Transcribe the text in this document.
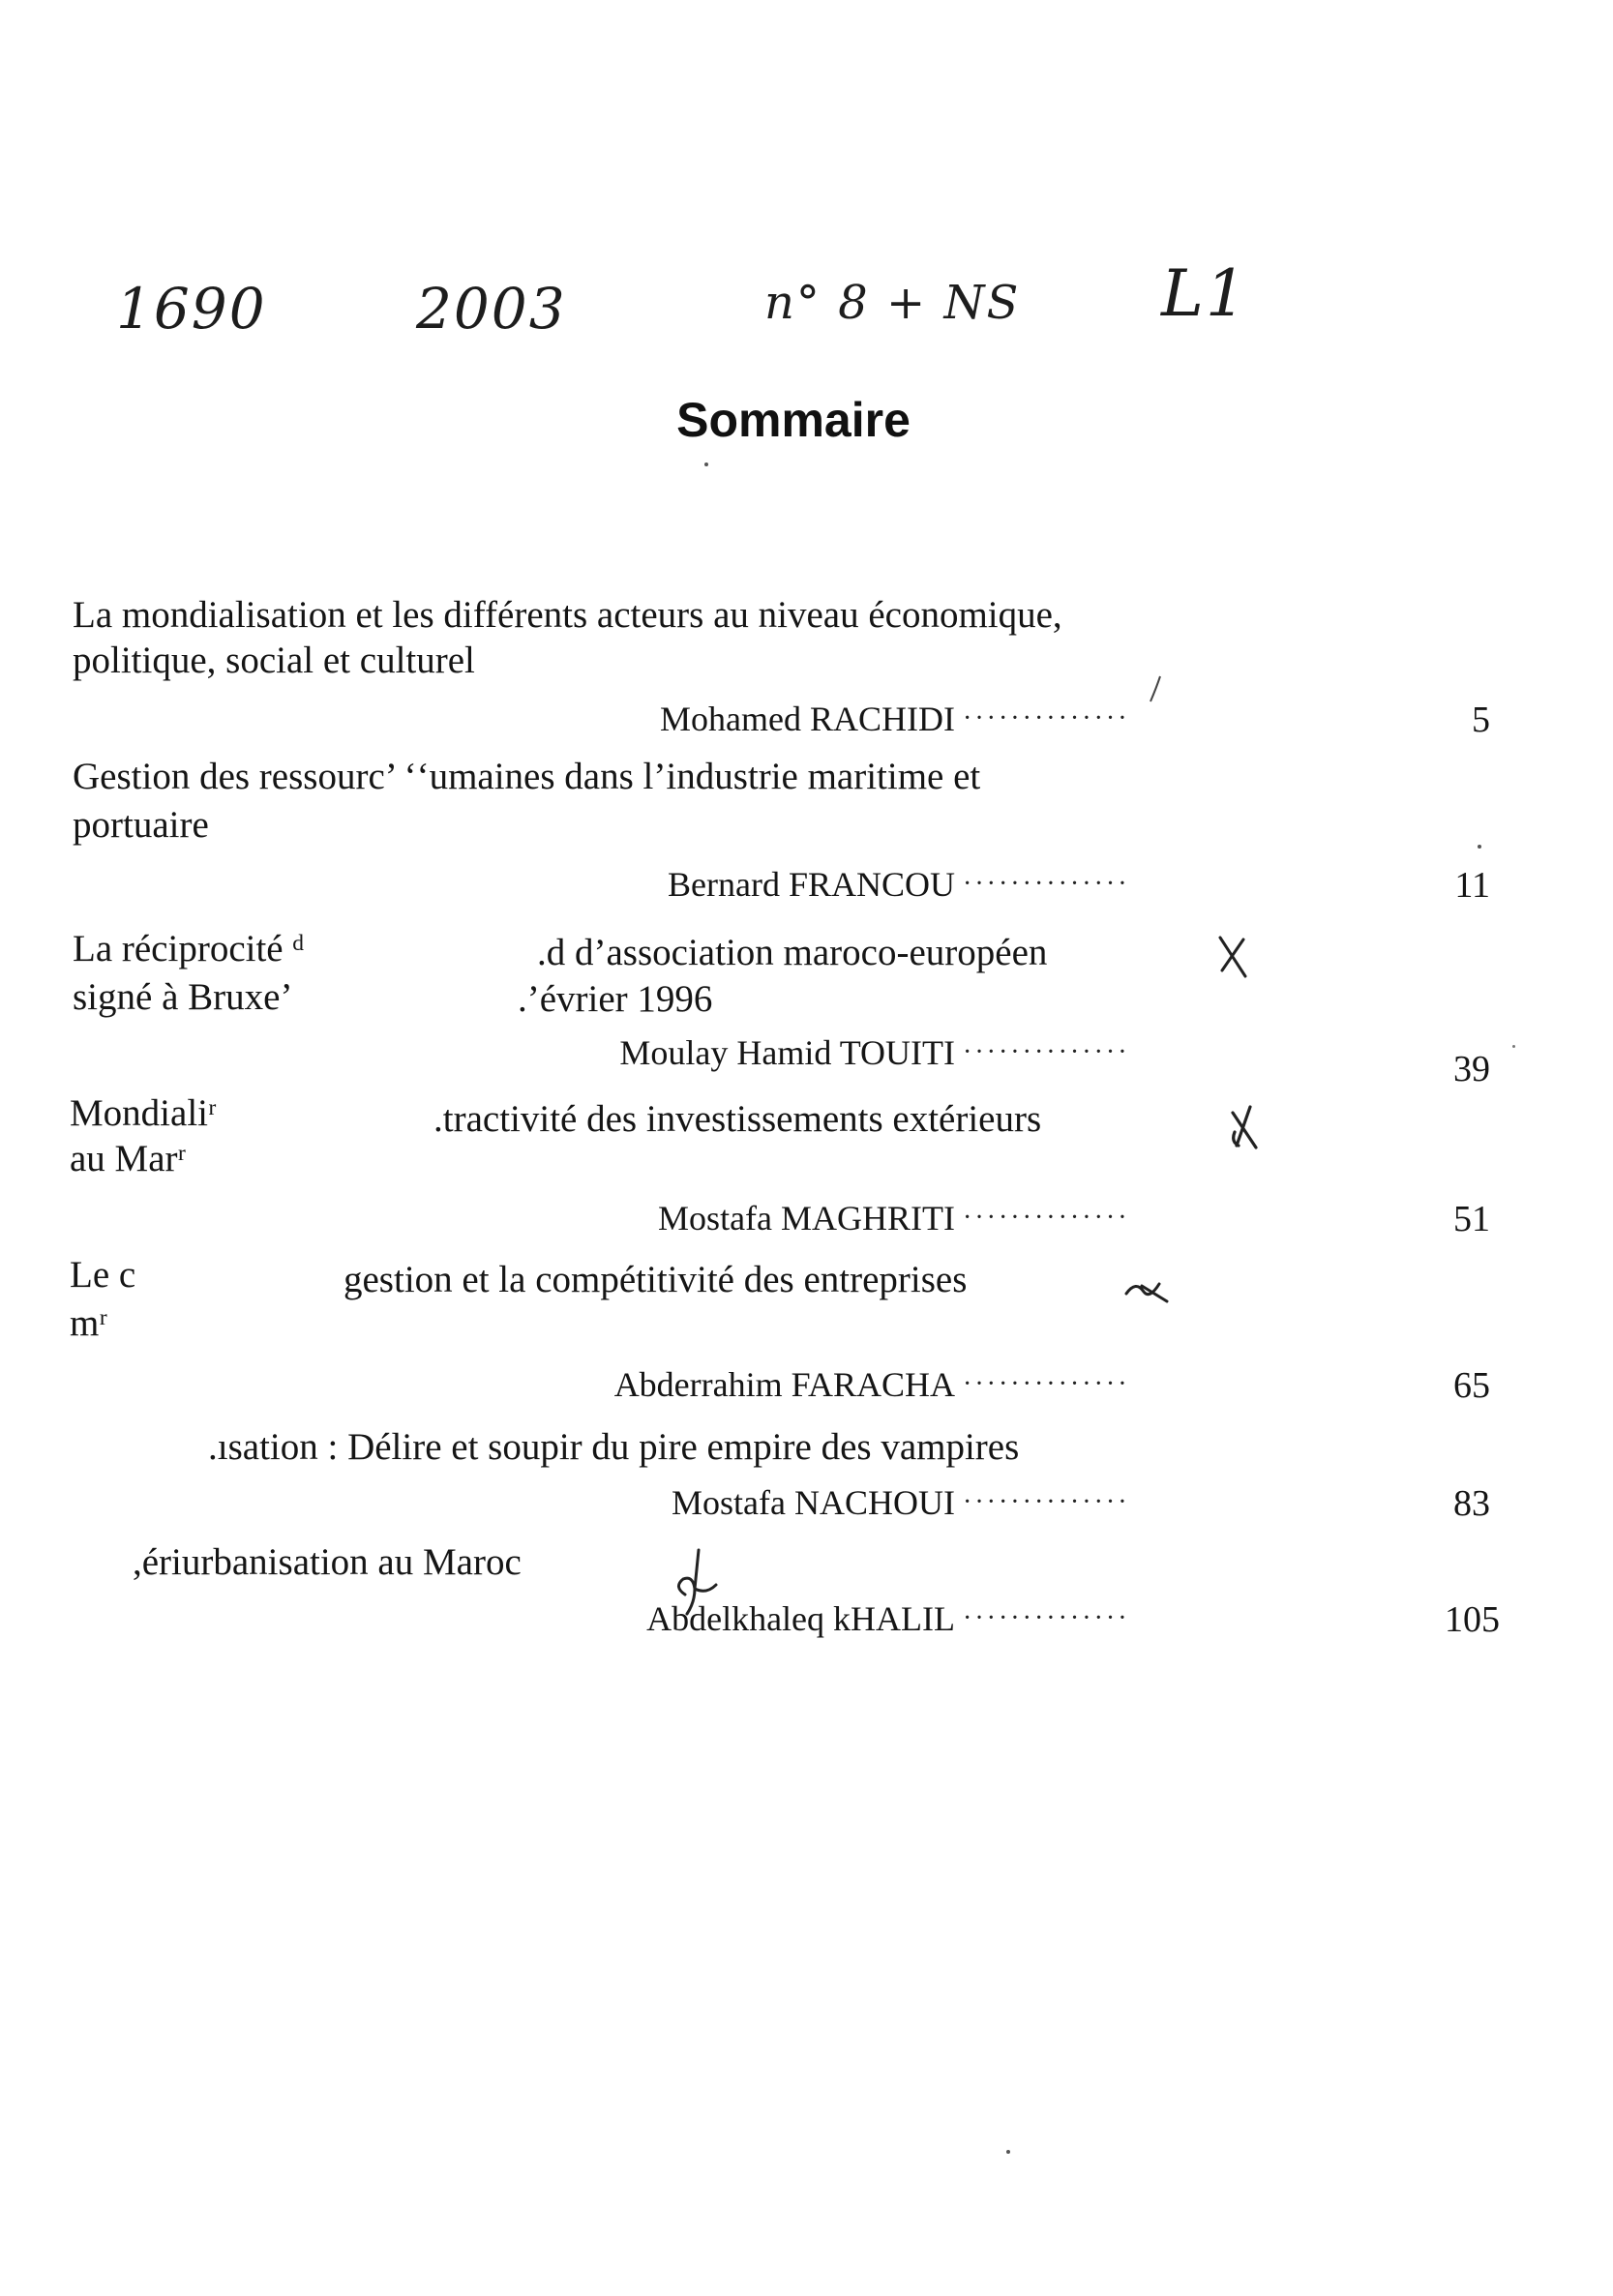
1690	2003	n° 8 + NS L1
Sommaire
La mondialisation et les différents acteurs au niveau économique,
politique, social et culturel
Mohamed RACHIDI ··············	5
Gestion des ressourc’ ‘ʻumaines dans l’industrie maritime et
portuaire
Bernard FRANCOU ··············	11
La réciprocité ᵈ	.d d’association maroco-européen
signé à Bruxeʼ	.’évrier 1996
Moulay Hamid TOUITI ··············	39
Mondialiʳ	.tractivité des investissements extérieurs
au Marʳ
Mostafa MAGHRITI ··············	51
Le c	gestion et la compétitivité des entreprises
mʳ
Abderrahim FARACHA ··············	65
.ısation : Délire et soupir du pire empire des vampires
Mostafa NACHOUI ··············	83
,ériurbanisation au Maroc
Abdelkhaleq kHALIL ··············	105
